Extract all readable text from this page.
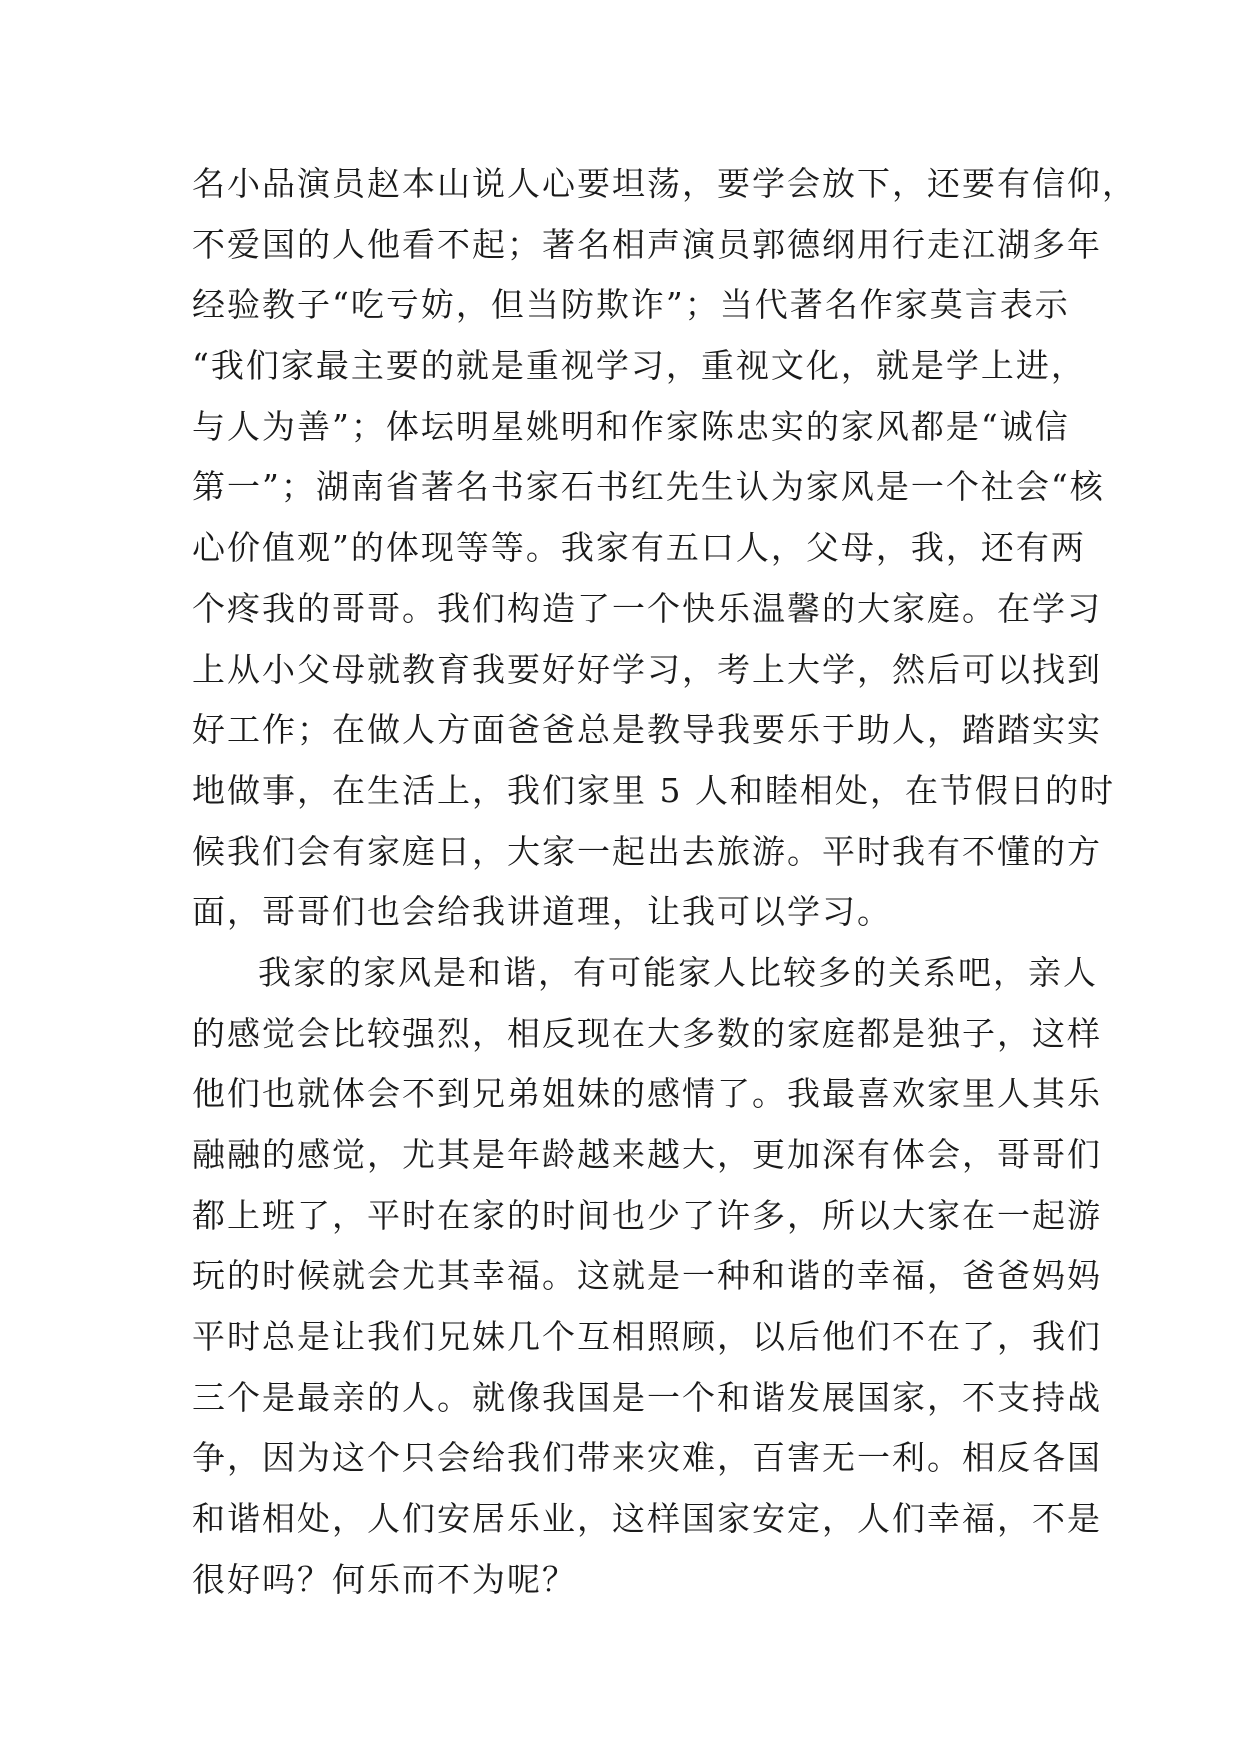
名小品演员赵本山说人心要坦荡，要学会放下，还要有信仰，
不爱国的人他看不起；著名相声演员郭德纲用行走江湖多年
经验教子“吃亏妨，但当防欺诈”；当代著名作家莫言表示
“我们家最主要的就是重视学习，重视文化，就是学上进，
与人为善”；体坛明星姚明和作家陈忠实的家风都是“诚信
第一”；湖南省著名书家石书红先生认为家风是一个社会“核
心价值观”的体现等等。我家有五口人，父母，我，还有两
个疼我的哥哥。我们构造了一个快乐温馨的大家庭。在学习
上从小父母就教育我要好好学习，考上大学，然后可以找到
好工作；在做人方面爸爸总是教导我要乐于助人，踏踏实实
地做事，在生活上，我们家里 5 人和睦相处，在节假日的时
候我们会有家庭日，大家一起出去旅游。平时我有不懂的方
面，哥哥们也会给我讲道理，让我可以学习。
我家的家风是和谐，有可能家人比较多的关系吧，亲人
的感觉会比较强烈，相反现在大多数的家庭都是独子，这样
他们也就体会不到兄弟姐妹的感情了。我最喜欢家里人其乐
融融的感觉，尤其是年龄越来越大，更加深有体会，哥哥们
都上班了，平时在家的时间也少了许多，所以大家在一起游
玩的时候就会尤其幸福。这就是一种和谐的幸福，爸爸妈妈
平时总是让我们兄妹几个互相照顾，以后他们不在了，我们
三个是最亲的人。就像我国是一个和谐发展国家，不支持战
争，因为这个只会给我们带来灾难，百害无一利。相反各国
和谐相处，人们安居乐业，这样国家安定，人们幸福，不是
很好吗？何乐而不为呢？
